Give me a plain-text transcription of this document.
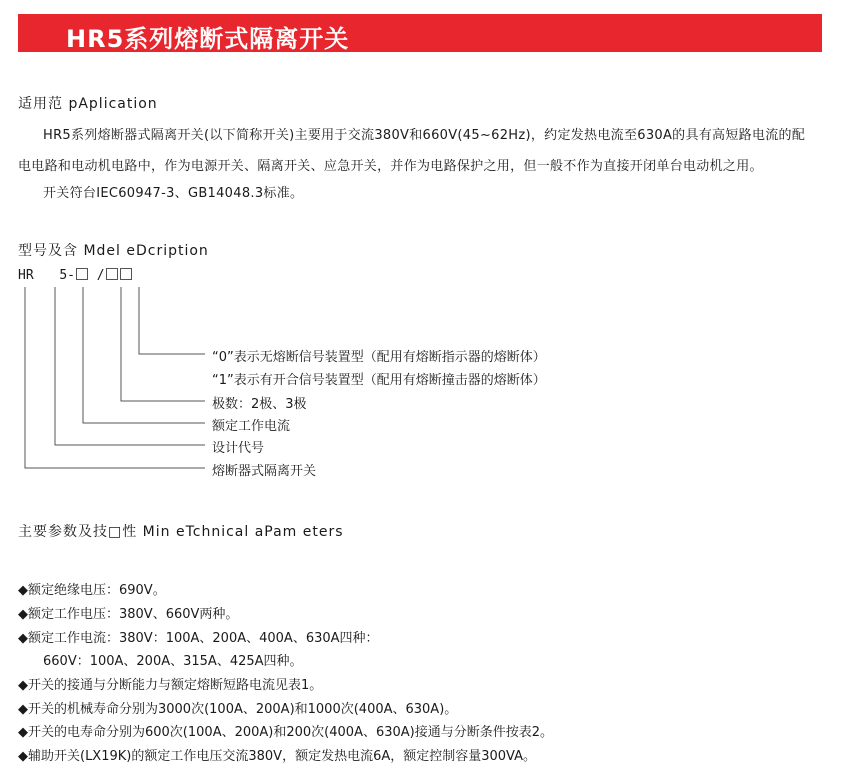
HR5系列熔断式隔离开关
适用范 pAplication
HR5系列熔断器式隔离开关(以下简称开关)主要用于交流380V和660V(45~62Hz)，约定发热电流至630A的具有高短路电流的配
电电路和电动机电路中，作为电源开关、隔离开关、应急开关，并作为电路保护之用，但一般不作为直接开闭单台电动机之用。
开关符台IEC60947-3、GB14048.3标准。
型号及含 Mdel eDcription
HR 5- /
“0”表示无熔断信号装置型（配用有熔断指示器的熔断体）
“1”表示有开合信号装置型（配用有熔断撞击器的熔断体）
极数：2极、3极
额定工作电流
设计代号
熔断器式隔离开关
主要参数及技□性 Min eTchnical aPam eters
◆额定绝缘电压：690V。
◆额定工作电压：380V、660V两种。
◆额定工作电流：380V：100A、200A、400A、630A四种：
660V：100A、200A、315A、425A四种。
◆开关的接通与分断能力与额定熔断短路电流见表1。
◆开关的机械寿命分别为3000次(100A、200A)和1000次(400A、630A)。
◆开关的电寿命分别为600次(100A、200A)和200次(400A、630A)接通与分断条件按表2。
◆辅助开关(LX19K)的额定工作电压交流380V，额定发热电流6A，额定控制容量300VA。
